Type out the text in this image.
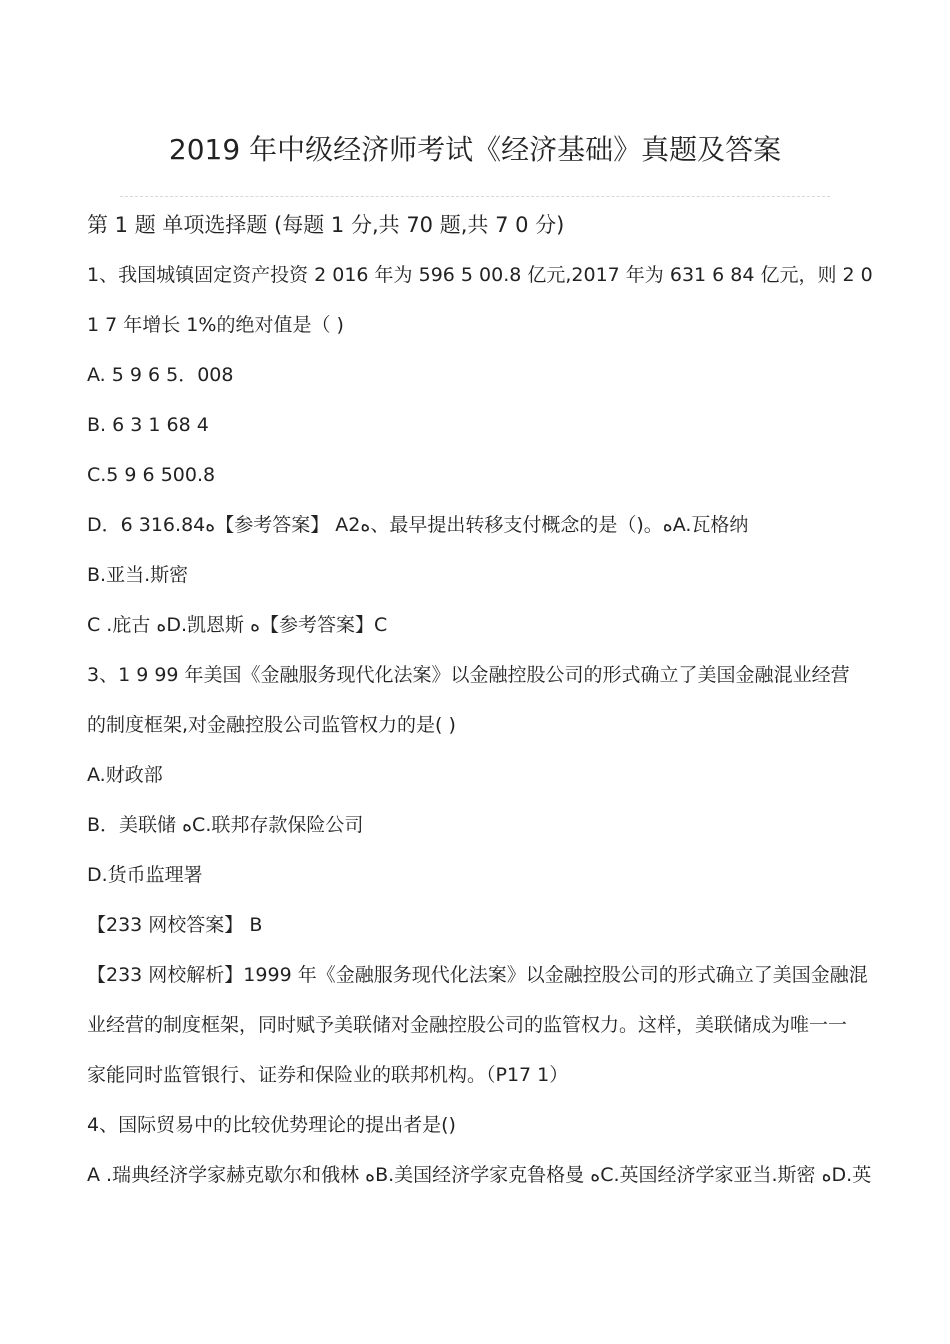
2019 年中级经济师考试《经济基础》真题及答案
第 1 题 单项选择题 (每题 1 分,共 70 题,共 7 0 分)
1、我国城镇固定资产投资 2 016 年为 596 5 00.8 亿元,2017 年为 631 6 84 亿元，则 2 0
1 7 年增长 1%的绝对值是（ )
A. 5 9 6 5．008
B. 6 3 1 68 4
C.5 9 6 500.8
D．6 316.84ﻩ【参考答案】 A2ﻩ、最早提出转移支付概念的是（)。ﻩA.瓦格纳
B.亚当.斯密
C .庇古 ﻩD.凯恩斯 ﻩ【参考答案】C
3、1 9 99 年美国《金融服务现代化法案》以金融控股公司的形式确立了美国金融混业经营
的制度框架,对金融控股公司监管权力的是( )
A.财政部
B．美联储 ﻩC.联邦存款保险公司
D.货币监理署
【233 网校答案】 B
【233 网校解析】1999 年《金融服务现代化法案》以金融控股公司的形式确立了美国金融混
业经营的制度框架，同时赋予美联储对金融控股公司的监管权力。这样，美联储成为唯一一
家能同时监管银行、证券和保险业的联邦机构。（P17 1）
4、国际贸易中的比较优势理论的提出者是()
A .瑞典经济学家赫克歇尔和俄林 ﻩB.美国经济学家克鲁格曼 ﻩC.英国经济学家亚当.斯密 ﻩD.英
